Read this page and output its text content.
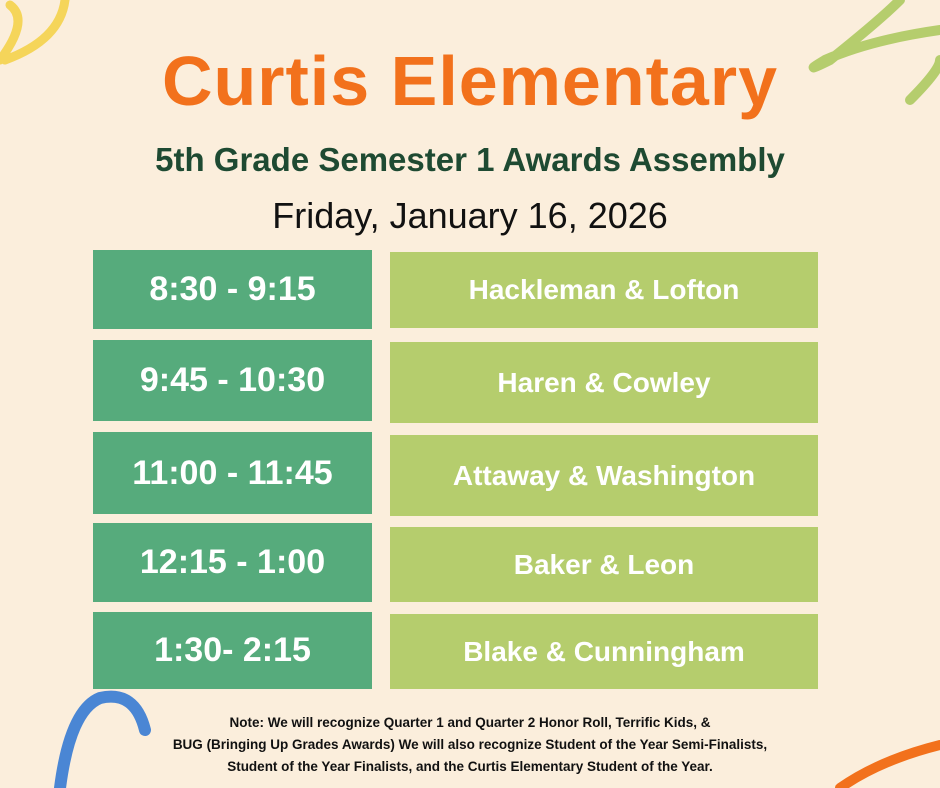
Curtis Elementary
5th Grade Semester 1 Awards Assembly
Friday, January 16, 2026
8:30 - 9:15	Hackleman & Lofton
9:45 - 10:30	Haren & Cowley
11:00 - 11:45	Attaway & Washington
12:15 - 1:00	Baker & Leon
1:30- 2:15	Blake & Cunningham
Note: We will recognize Quarter 1 and Quarter 2 Honor Roll, Terrific Kids, &
BUG (Bringing Up Grades Awards) We will also recognize Student of the Year Semi-Finalists,
Student of the Year Finalists, and the Curtis Elementary Student of the Year.
